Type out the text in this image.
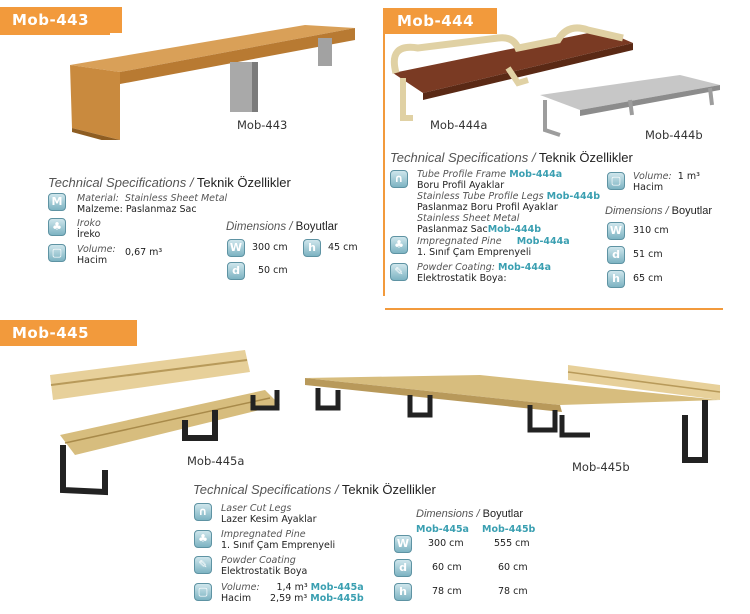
Mob-443
Mob-443
Technical Specifications / Teknik Özellikler
M	Material: Stainless Sheet Metal
Malzeme: Paslanmaz Sac
♣	Iroko
İreko
▢	Volume:
Hacim
0,67 m³
Dimensions / Boyutlar
W	300 cm	h	45 cm
d	50 cm
Mob-444
Mob-444a
Mob-444b
Technical Specifications / Teknik Özellikler
∩	Tube Profile Frame Mob-444a
Boru Profil Ayaklar
Stainless Tube Profile Legs Mob-444b
Paslanmaz Boru Profil Ayaklar
Stainless Sheet Metal
Paslanmaz SacMob-444b
♣	Impregnated Pine Mob-444a
1. Sınıf Çam Emprenyeli
✎	Powder Coating: Mob-444a
Elektrostatik Boya:
▢	Volume: 1 m³
Hacim
Dimensions / Boyutlar
W	310 cm
d	51 cm
h	65 cm
Mob-445
Mob-445a	Mob-445b
Technical Specifications / Teknik Özellikler
∩	Laser Cut Legs
Lazer Kesim Ayaklar
♣	Impregnated Pine
1. Sınıf Çam Emprenyeli
✎	Powder Coating
Elektrostatik Boya
▢	Volume:
Hacim
1,4 m³ Mob-445a
2,59 m³ Mob-445b
Dimensions / Boyutlar
Mob-445a Mob-445b
W	300 cm	555 cm
d	60 cm	60 cm
h	78 cm	78 cm
